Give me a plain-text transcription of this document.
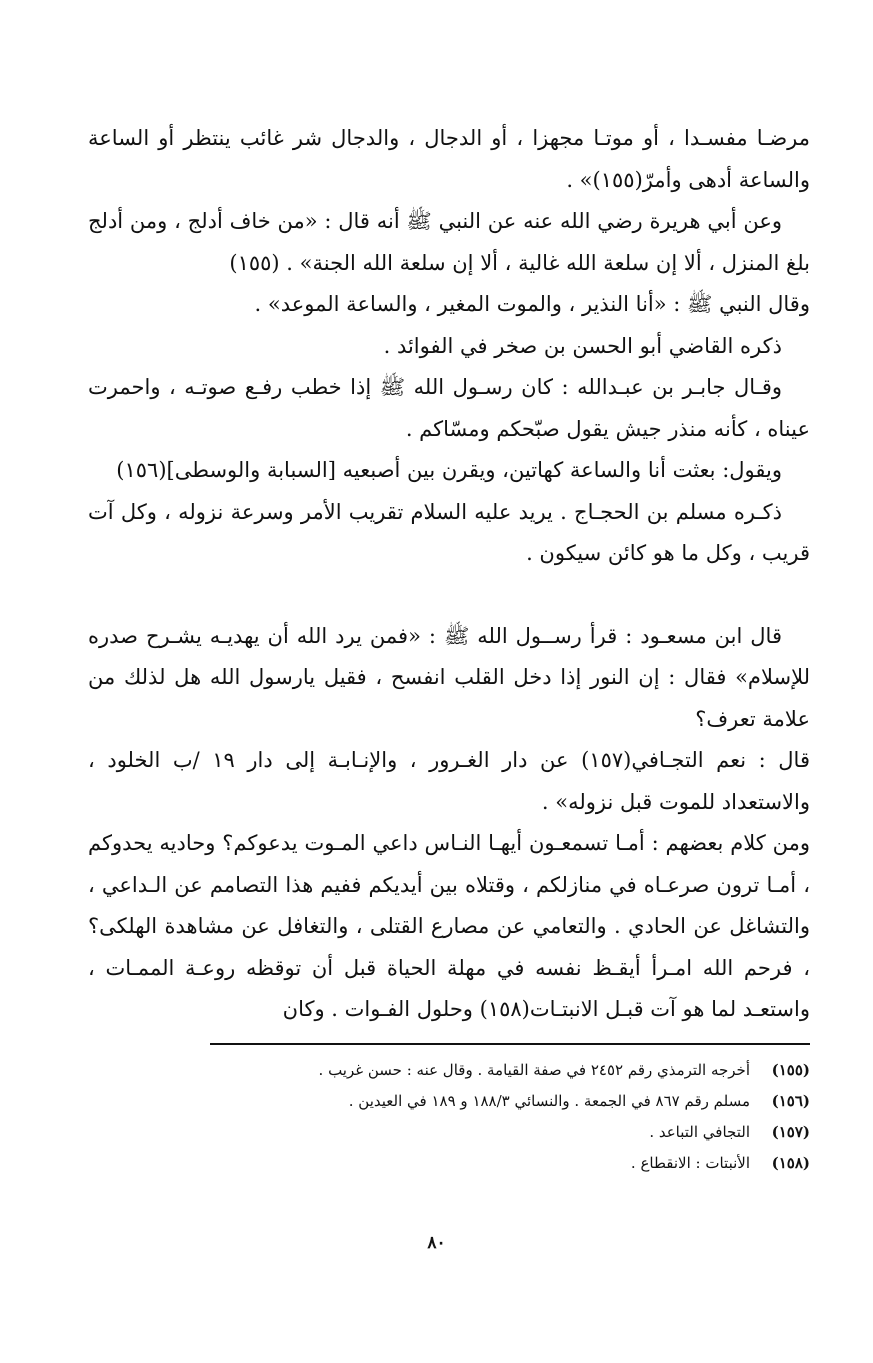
مرضـا مفسـدا ، أو موتـا مجهزا ، أو الدجال ، والدجال شر غائب ينتظر أو الساعة والساعة أدهى وأمرّ(١٥٥)» .

وعن أبي هريرة رضي الله عنه عن النبي ﷺ أنه قال : «من خاف أدلج ، ومن أدلج بلغ المنزل ، ألا إن سلعة الله غالية ، ألا إن سلعة الله الجنة» . (١٥٥)

وقال النبي ﷺ : «أنا النذير ، والموت المغير ، والساعة الموعد» .

ذكره القاضي أبو الحسن بن صخر في الفوائد .

وقـال جابـر بن عبـدالله : كان رسـول الله ﷺ إذا خطب رفـع صوتـه ، واحمرت عيناه ، كأنه منذر جيش يقول صبّحكم ومسّاكم .

ويقول: بعثت أنا والساعة كهاتين، ويقرن بين أصبعيه [السبابة والوسطى](١٥٦)

ذكـره مسلم بن الحجـاج . يريد عليه السلام تقريب الأمر وسرعة نزوله ، وكل آت قريب ، وكل ما هو كائن سيكون .

قال ابن مسعـود : قرأ رســول الله ﷺ : «فمن يرد الله أن يهديـه يشـرح صدره للإسلام» فقال : إن النور إذا دخل القلب انفسح ، فقيل يارسول الله هل لذلك من علامة تعرف؟

قال : نعم التجـافي(١٥٧) عن دار الغـرور ، والإنـابـة إلى دار ١٩ /ب الخلود ، والاستعداد للموت قبل نزوله» .

ومن كلام بعضهم : أمـا تسمعـون أيهـا النـاس داعي المـوت يدعوكم؟ وحاديه يحدوكم ، أمـا ترون صرعـاه في منازلكم ، وقتلاه بين أيديكم ففيم هذا التصامم عن الـداعي ، والتشاغل عن الحادي . والتعامي عن مصارع القتلى ، والتغافل عن مشاهدة الهلكى؟ ، فرحم الله امـرأ أيقـظ نفسه في مهلة الحياة قبل أن توقظه روعـة الممـات ، واستعـد لما هو آت قبـل الانبتـات(١٥٨) وحلول الفـوات . وكان

(١٥٥)أخرجه الترمذي رقم ٢٤٥٢ في صفة القيامة . وقال عنه : حسن غريب .

(١٥٦)مسلم رقم ٨٦٧ في الجمعة . والنسائي ١٨٨/٣ و ١٨٩ في العيدين .

(١٥٧)التجافي التباعد .

(١٥٨)الأنبتات : الانقطاع .

٨٠
